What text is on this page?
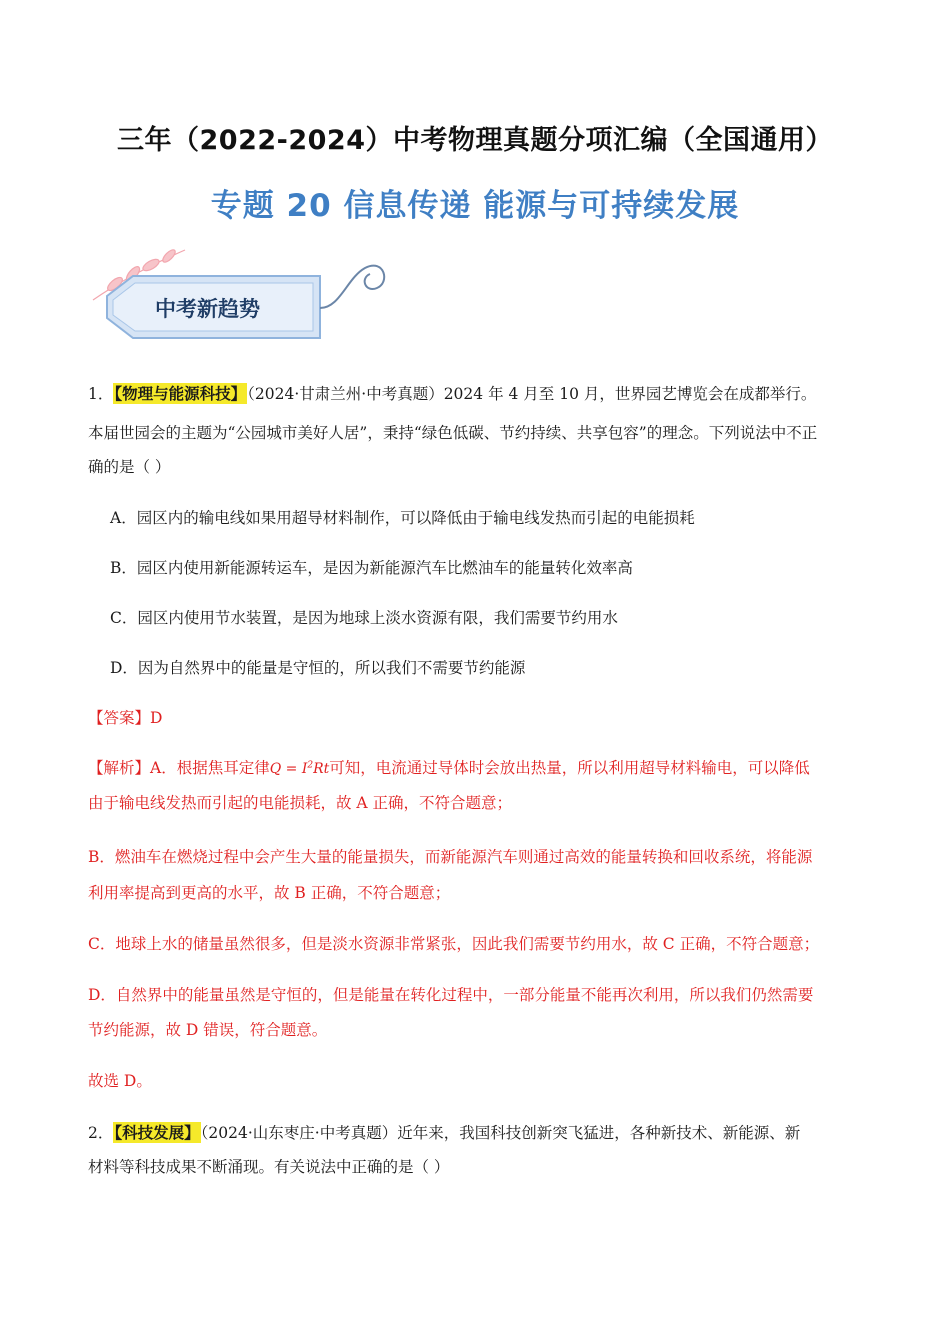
三年（2022-2024）中考物理真题分项汇编（全国通用）
专题 20 信息传递 能源与可持续发展
中考新趋势
1．【物理与能源科技】（2024·甘肃兰州·中考真题）2024 年 4 月至 10 月，世界园艺博览会在成都举行。
本届世园会的主题为“公园城市美好人居”，秉持“绿色低碳、节约持续、共享包容”的理念。下列说法中不正
确的是（ ）
A．园区内的输电线如果用超导材料制作，可以降低由于输电线发热而引起的电能损耗
B．园区内使用新能源转运车，是因为新能源汽车比燃油车的能量转化效率高
C．园区内使用节水装置，是因为地球上淡水资源有限，我们需要节约用水
D．因为自然界中的能量是守恒的，所以我们不需要节约能源
【答案】D
【解析】A．根据焦耳定律$Q = I^2Rt$可知，电流通过导体时会放出热量，所以利用超导材料输电，可以降低
由于输电线发热而引起的电能损耗，故 A 正确，不符合题意；
B．燃油车在燃烧过程中会产生大量的能量损失，而新能源汽车则通过高效的能量转换和回收系统，将能源
利用率提高到更高的水平，故 B 正确，不符合题意；
C．地球上水的储量虽然很多，但是淡水资源非常紧张，因此我们需要节约用水，故 C 正确，不符合题意；
D．自然界中的能量虽然是守恒的，但是能量在转化过程中，一部分能量不能再次利用，所以我们仍然需要
节约能源，故 D 错误，符合题意。
故选 D。
2．【科技发展】（2024·山东枣庄·中考真题）近年来，我国科技创新突飞猛进，各种新技术、新能源、新
材料等科技成果不断涌现。有关说法中正确的是（ ）
